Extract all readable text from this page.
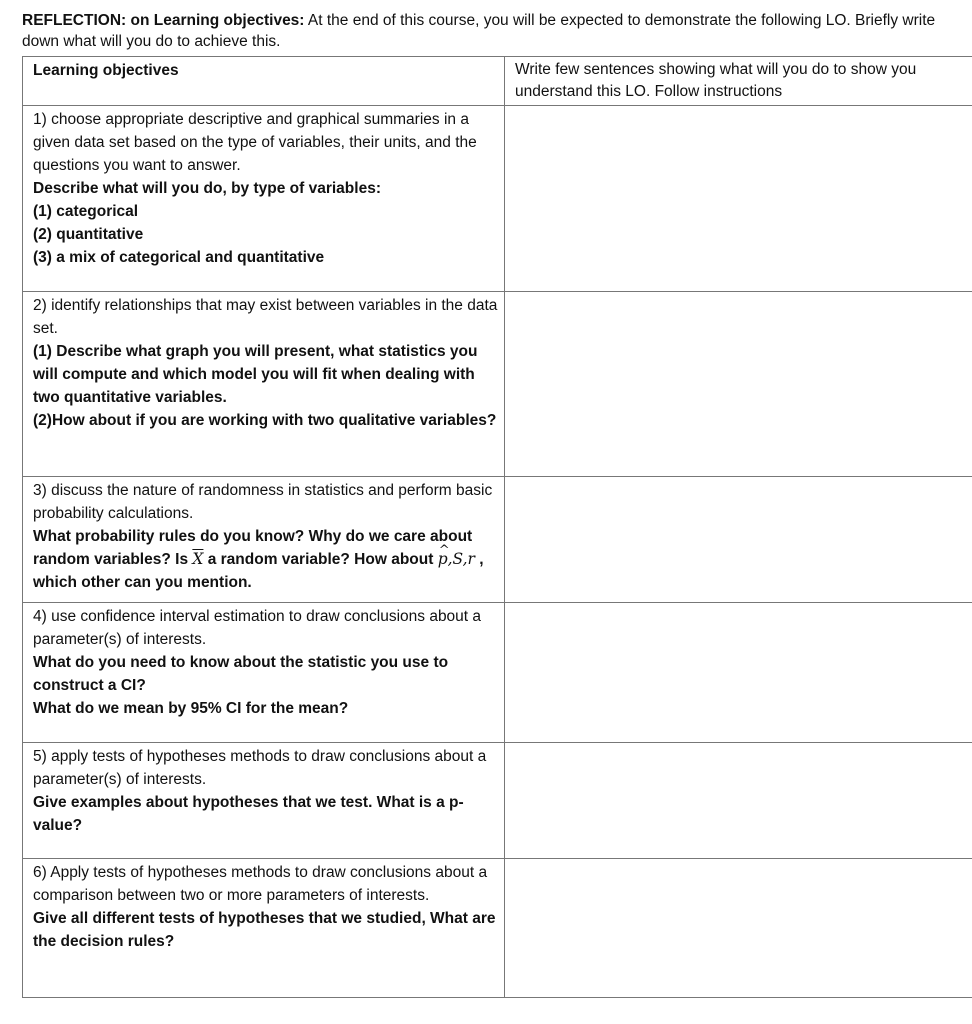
REFLECTION: on Learning objectives: At the end of this course, you will be expected to demonstrate the following LO. Briefly write down what will you do to achieve this.
Learning objectives	Write few sentences showing what will you do to show you understand this LO. Follow instructions

1) choose appropriate descriptive and graphical summaries in a given data set based on the type of variables, their units, and the questions you want to answer.
Describe what will you do, by type of variables:
(1) categorical
(2) quantitative
(3) a mix of categorical and quantitative	

2) identify relationships that may exist between variables in the data set.
(1) Describe what graph you will present, what statistics you will compute and which model you will fit when dealing with two quantitative variables.
(2)How about if you are working with two qualitative variables?	

3) discuss the nature of randomness in statistics and perform basic probability calculations.
What probability rules do you know? Why do we care about random variables? Is $\overline{X}$ a random variable? How about ^ p,S,r , which other can you mention.

4) use confidence interval estimation to draw conclusions about a parameter(s) of interests.
What do you need to know about the statistic you use to construct a CI?
What do we mean by 95% CI for the mean?	

5) apply tests of hypotheses methods to draw conclusions about a parameter(s) of interests.
Give examples about hypotheses that we test. What is a p-value?	

6) Apply tests of hypotheses methods to draw conclusions about a comparison between two or more parameters of interests.
Give all different tests of hypotheses that we studied, What are the decision rules?	
